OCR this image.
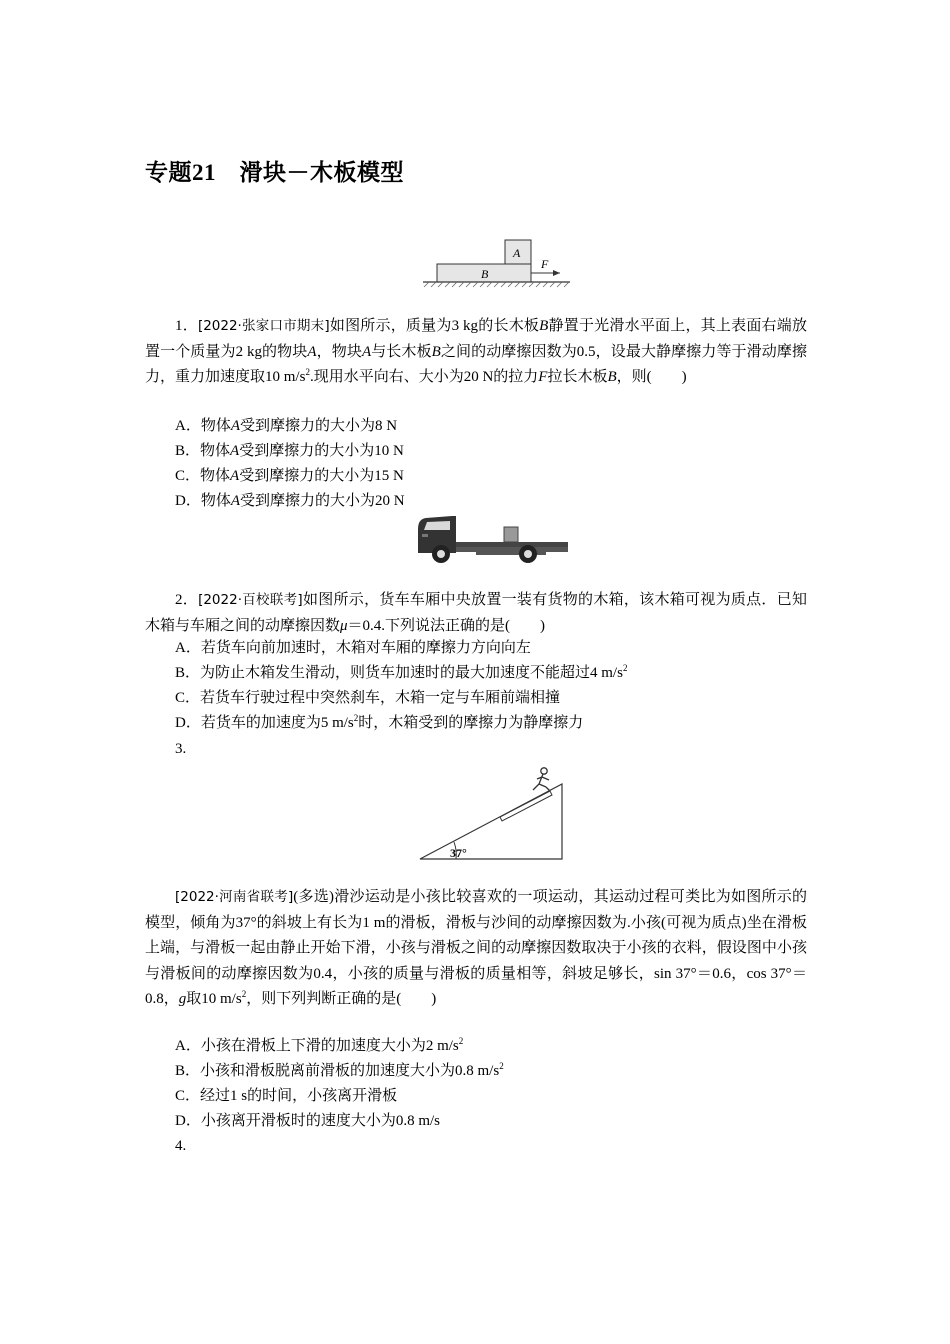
专题21　滑块－木板模型
A
B
F
1．[2022·张家口市期末]如图所示，质量为3 kg的长木板B静置于光滑水平面上，其上表面右端放置一个质量为2 kg的物块A，物块A与长木板B之间的动摩擦因数为0.5，设最大静摩擦力等于滑动摩擦力，重力加速度取10 $m/s^2$.现用水平向右、大小为20 N的拉力F拉长木板B，则(　　)
A．物体A受到摩擦力的大小为8 N
B．物体A受到摩擦力的大小为10 N
C．物体A受到摩擦力的大小为15 N
D．物体A受到摩擦力的大小为20 N
2．[2022·百校联考]如图所示，货车车厢中央放置一装有货物的木箱，该木箱可视为质点．已知木箱与车厢之间的动摩擦因数μ＝0.4.下列说法正确的是(　　)
A．若货车向前加速时，木箱对车厢的摩擦力方向向左
B．为防止木箱发生滑动，则货车加速时的最大加速度不能超过4 $m/s^2$
C．若货车行驶过程中突然刹车，木箱一定与车厢前端相撞
D．若货车的加速度为5 $m/s^2$时，木箱受到的摩擦力为静摩擦力
3.
37°
[2022·河南省联考](多选)滑沙运动是小孩比较喜欢的一项运动，其运动过程可类比为如图所示的模型，倾角为37°的斜坡上有长为1 m的滑板，滑板与沙间的动摩擦因数为.小孩(可视为质点)坐在滑板上端，与滑板一起由静止开始下滑，小孩与滑板之间的动摩擦因数取决于小孩的衣料，假设图中小孩与滑板间的动摩擦因数为0.4，小孩的质量与滑板的质量相等，斜坡足够长，sin 37°＝0.6，cos 37°＝0.8，g取10 $m/s^2$，则下列判断正确的是(　　)
A．小孩在滑板上下滑的加速度大小为2 $m/s^2$
B．小孩和滑板脱离前滑板的加速度大小为0.8 $m/s^2$
C．经过1 s的时间，小孩离开滑板
D．小孩离开滑板时的速度大小为0.8 m/s
4.
